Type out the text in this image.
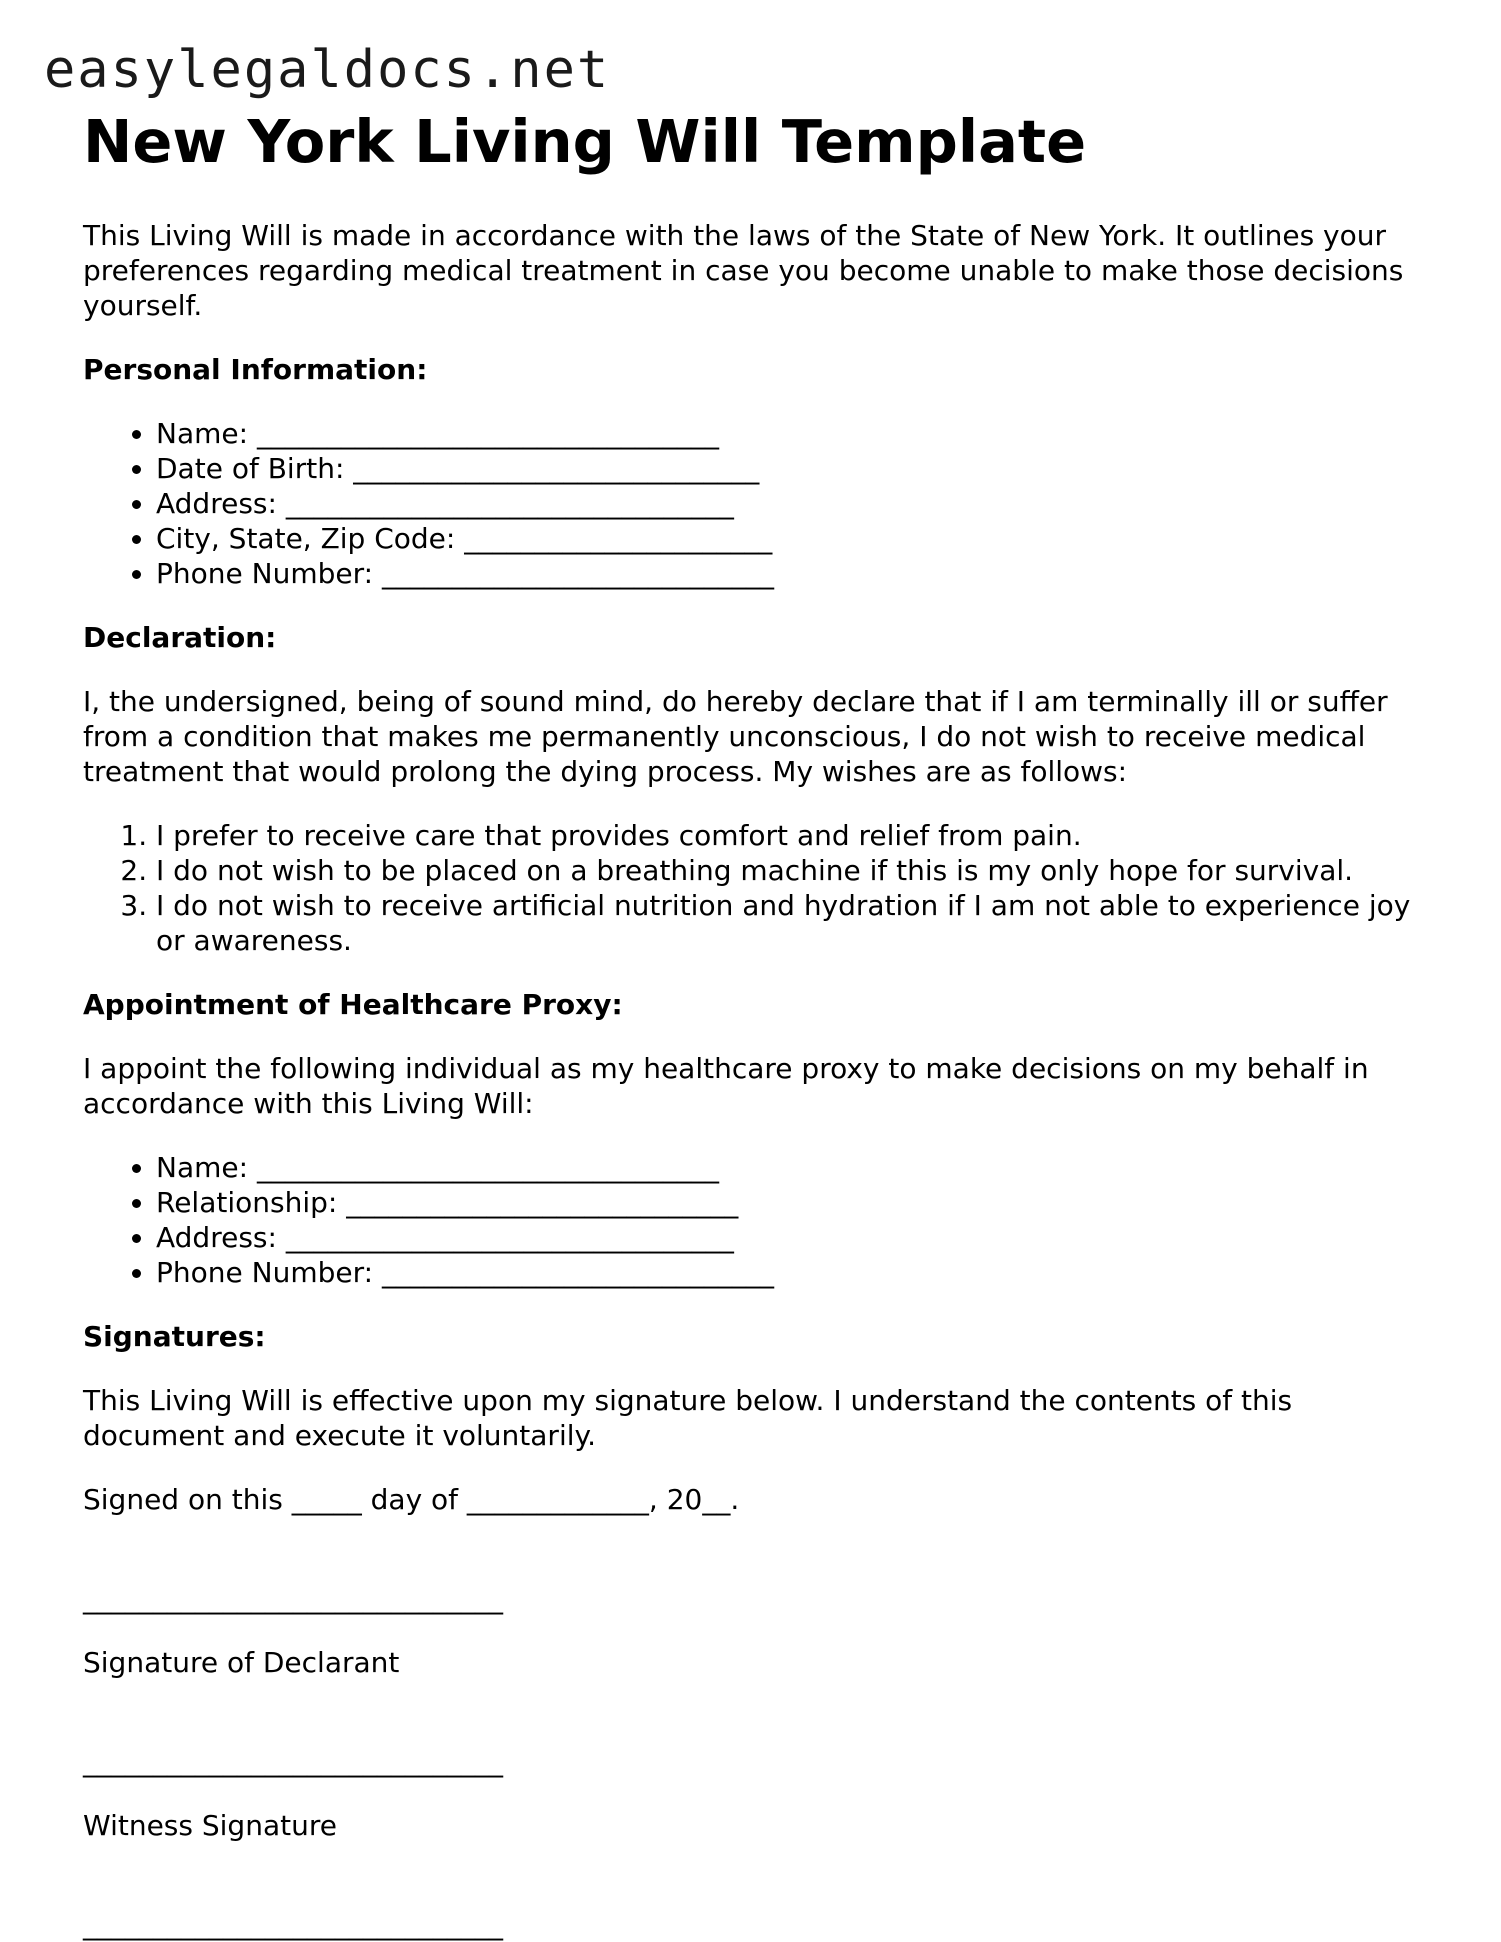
easylegaldocs.net
New York Living Will Template

This Living Will is made in accordance with the laws of the State of New York. It outlines your preferences regarding medical treatment in case you become unable to make those decisions yourself.

Personal Information:

• Name: _________________________________
• Date of Birth: _____________________________
• Address: ________________________________
• City, State, Zip Code: ______________________
• Phone Number: ____________________________

Declaration:

I, the undersigned, being of sound mind, do hereby declare that if I am terminally ill or suffer from a condition that makes me permanently unconscious, I do not wish to receive medical treatment that would prolong the dying process. My wishes are as follows:

1. I prefer to receive care that provides comfort and relief from pain.
2. I do not wish to be placed on a breathing machine if this is my only hope for survival.
3. I do not wish to receive artificial nutrition and hydration if I am not able to experience joy or awareness.

Appointment of Healthcare Proxy:

I appoint the following individual as my healthcare proxy to make decisions on my behalf in accordance with this Living Will:

• Name: _________________________________
• Relationship: ____________________________
• Address: ________________________________
• Phone Number: ____________________________

Signatures:

This Living Will is effective upon my signature below. I understand the contents of this document and execute it voluntarily.

Signed on this _____ day of _____________, 20__.

______________________________

Signature of Declarant

______________________________

Witness Signature

______________________________
